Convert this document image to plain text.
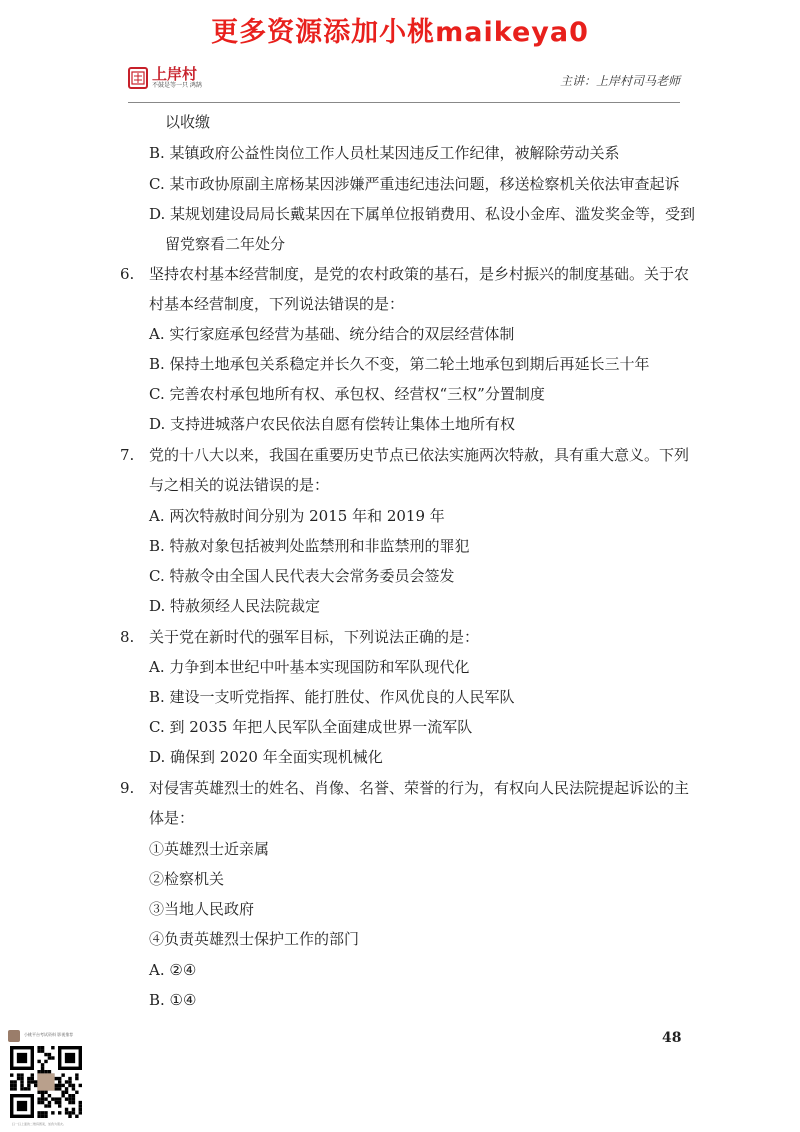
更多资源添加小桃maikeya0
上岸村
不鼓是等一只 鸿鹄	主讲：上岸村司马老师
以收缴
B. 某镇政府公益性岗位工作人员杜某因违反工作纪律，被解除劳动关系
C. 某市政协原副主席杨某因涉嫌严重违纪违法问题，移送检察机关依法审查起诉
D. 某规划建设局局长戴某因在下属单位报销费用、私设小金库、滥发奖金等，受到
留党察看二年处分
坚持农村基本经营制度，是党的农村政策的基石，是乡村振兴的制度基础。关于农
村基本经营制度，下列说法错误的是：
A. 实行家庭承包经营为基础、统分结合的双层经营体制
B. 保持土地承包关系稳定并长久不变，第二轮土地承包到期后再延长三十年
C. 完善农村承包地所有权、承包权、经营权“三权”分置制度
D. 支持进城落户农民依法自愿有偿转让集体土地所有权
党的十八大以来，我国在重要历史节点已依法实施两次特赦，具有重大意义。下列
与之相关的说法错误的是：
A. 两次特赦时间分别为 2015 年和 2019 年
B. 特赦对象包括被判处监禁刑和非监禁刑的罪犯
C. 特赦令由全国人民代表大会常务委员会签发
D. 特赦须经人民法院裁定
关于党在新时代的强军目标，下列说法正确的是：
A. 力争到本世纪中叶基本实现国防和军队现代化
B. 建设一支听党指挥、能打胜仗、作风优良的人民军队
C. 到 2035 年把人民军队全面建成世界一流军队
D. 确保到 2020 年全面实现机械化
对侵害英雄烈士的姓名、肖像、名誉、荣誉的行为，有权向人民法院提起诉讼的主
体是：
①英雄烈士近亲属
②检察机关
③当地人民政府
④负责英雄烈士保护工作的部门
A. ②④
B. ①④
6.
7.
8.
9.
48
小桃平台考试资料 影视推荐
扫一扫上面的二维码图案，加我为朋友。
